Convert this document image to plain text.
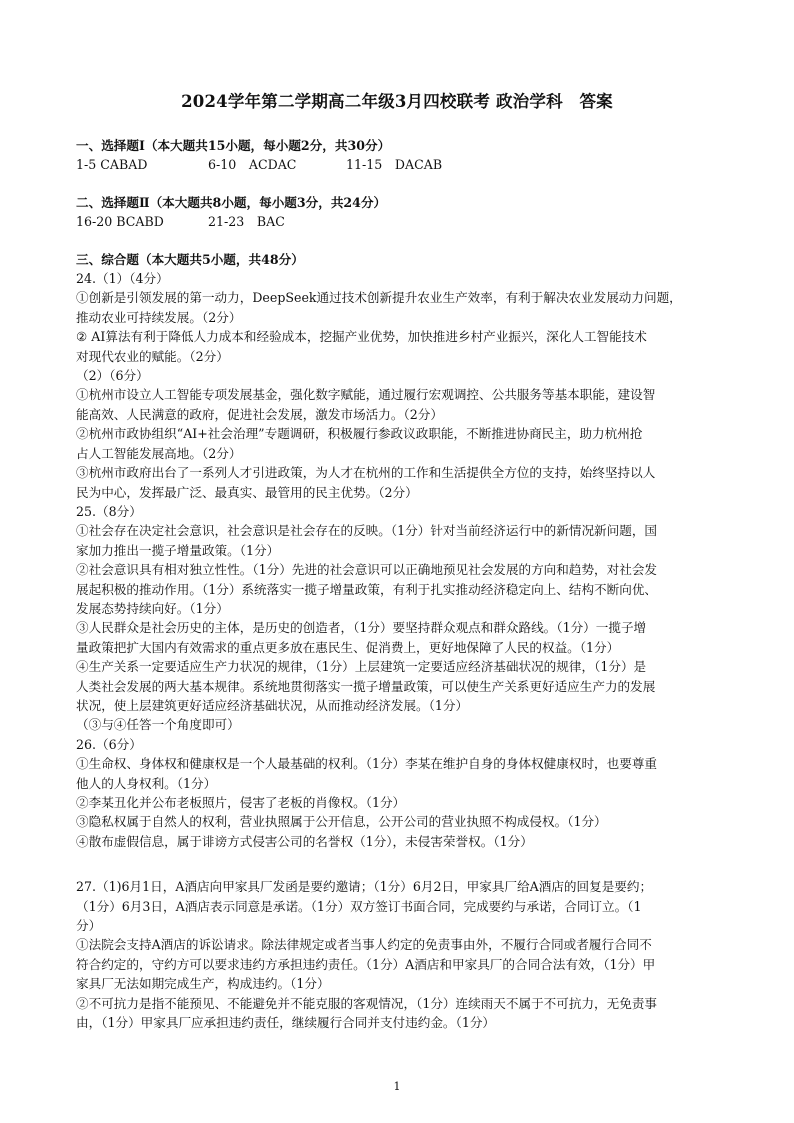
2024学年第二学期高二年级3月四校联考 政治学科　答案

一、选择题Ⅰ（本大题共15小题，每小题2分，共30分）

1-5 CABAD	6-10　ACDAC	11-15　DACAB

二、选择题Ⅱ（本大题共8小题，每小题3分，共24分）

16-20 BCABD	21-23　BAC

三、综合题（本大题共5小题，共48分）

24.（1）（4分）

①创新是引领发展的第一动力，DeepSeek通过技术创新提升农业生产效率，有利于解决农业发展动力问题，

推动农业可持续发展。（2分）

② AI算法有利于降低人力成本和经验成本，挖掘产业优势，加快推进乡村产业振兴，深化人工智能技术

对现代农业的赋能。（2分）

（2）（6分）

①杭州市设立人工智能专项发展基金，强化数字赋能，通过履行宏观调控、公共服务等基本职能，建设智

能高效、人民满意的政府，促进社会发展，激发市场活力。（2分）

②杭州市政协组织“AI+社会治理”专题调研，积极履行参政议政职能，不断推进协商民主，助力杭州抢

占人工智能发展高地。（2分）

③杭州市政府出台了一系列人才引进政策，为人才在杭州的工作和生活提供全方位的支持，始终坚持以人

民为中心，发挥最广泛、最真实、最管用的民主优势。（2分）

25.（8分）

①社会存在决定社会意识，社会意识是社会存在的反映。（1分）针对当前经济运行中的新情况新问题，国

家加力推出一揽子增量政策。（1分）

②社会意识具有相对独立性性。（1分）先进的社会意识可以正确地预见社会发展的方向和趋势，对社会发

展起积极的推动作用。（1分）系统落实一揽子增量政策，有利于扎实推动经济稳定向上、结构不断向优、

发展态势持续向好。（1分）

③人民群众是社会历史的主体，是历史的创造者，（1分）要坚持群众观点和群众路线。（1分）一揽子增

量政策把扩大国内有效需求的重点更多放在惠民生、促消费上，更好地保障了人民的权益。（1分）

④生产关系一定要适应生产力状况的规律，（1分）上层建筑一定要适应经济基础状况的规律，（1分）是

人类社会发展的两大基本规律。系统地贯彻落实一揽子增量政策，可以使生产关系更好适应生产力的发展

状况，使上层建筑更好适应经济基础状况，从而推动经济发展。（1分）

（③与④任答一个角度即可）

26.（6分）

①生命权、身体权和健康权是一个人最基础的权利。（1分）李某在维护自身的身体权健康权时，也要尊重

他人的人身权利。（1分）

②李某丑化并公布老板照片，侵害了老板的肖像权。（1分）

③隐私权属于自然人的权利，营业执照属于公开信息，公开公司的营业执照不构成侵权。（1分）

④散布虚假信息，属于诽谤方式侵害公司的名誉权（1分），未侵害荣誉权。（1分）

27.（1)6月1日，A酒店向甲家具厂发函是要约邀请；（1分）6月2日，甲家具厂给A酒店的回复是要约；

（1分）6月3日，A酒店表示同意是承诺。（1分）双方签订书面合同，完成要约与承诺，合同订立。（1

分）

①法院会支持A酒店的诉讼请求。除法律规定或者当事人约定的免责事由外，不履行合同或者履行合同不

符合约定的，守约方可以要求违约方承担违约责任。（1分）A酒店和甲家具厂的合同合法有效，（1分）甲

家具厂无法如期完成生产，构成违约。（1分）

②不可抗力是指不能预见、不能避免并不能克服的客观情况，（1分）连续雨天不属于不可抗力，无免责事

由，（1分）甲家具厂应承担违约责任，继续履行合同并支付违约金。（1分）

1
